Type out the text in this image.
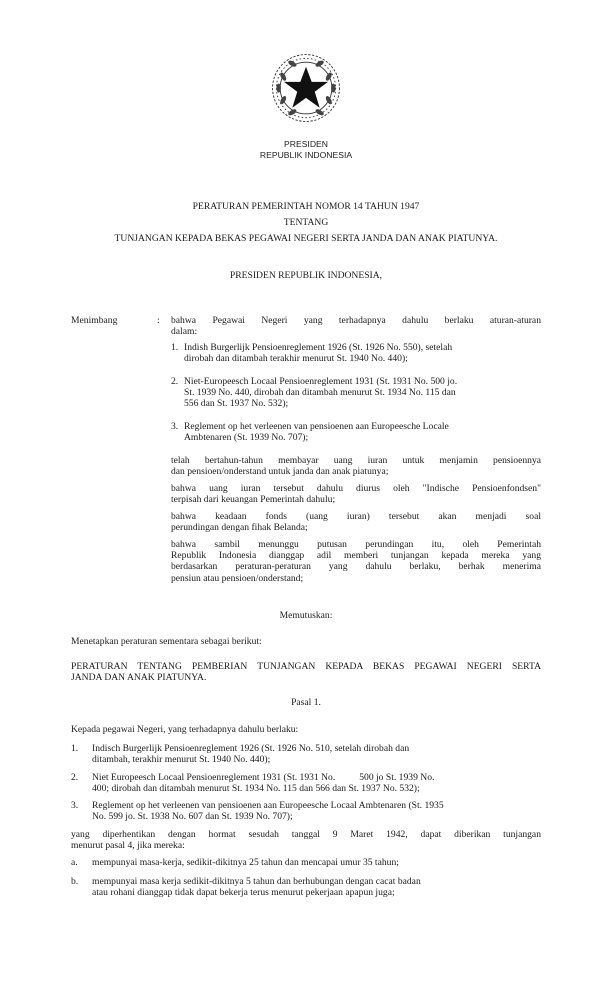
PRESIDEN
REPUBLIK INDONESIA
PERATURAN PEMERINTAH NOMOR 14 TAHUN 1947
TENTANG
TUNJANGAN KEPADA BEKAS PEGAWAI NEGERI SERTA JANDA DAN ANAK PIATUNYA.
PRESIDEN REPUBLIK INDONESIA,
Menimbang	: bahwa Pegawai Negeri yang terhadapnya dahulu berlaku aturan-aturan

dalam:

1. Indish Burgerlijk Pensioenreglement 1926 (St. 1926 No. 550), setelah
dirobah dan ditambah terakhir menurut St. 1940 No. 440);
2. Niet-Europeesch Locaal Pensioenreglement 1931 (St. 1931 No. 500 jo.
St. 1939 No. 440, dirobah dan ditambah menurut St. 1934 No. 115 dan
556 dan St. 1937 No. 532);
3. Reglement op het verleenen van pensioenen aan Europeesche Locale
Ambtenaren (St. 1939 No. 707);

telah bertahun-tahun membayar uang iuran untuk menjamin pensioennya

dan pensioen/onderstand untuk janda dan anak piatunya;

bahwa uang iuran tersebut dahulu diurus oleh "Indische Pensioenfondsen"

terpisah dari keuangan Pemerintah dahulu;

bahwa keadaan fonds (uang iuran) tersebut akan menjadi soal

perundingan dengan fihak Belanda;

bahwa sambil menunggu putusan perundingan itu, oleh Pemerintah

Republik Indonesia dianggap adil memberi tunjangan kepada mereka yang

berdasarkan peraturan-peraturan yang dahulu berlaku, berhak menerima

pensiun atau pensioen/onderstand;

Memutuskan:

Menetapkan peraturan sementara sebagai berikut:

PERATURAN TENTANG PEMBERIAN TUNJANGAN KEPADA BEKAS PEGAWAI NEGERI SERTA

JANDA DAN ANAK PIATUNYA.

Pasal 1.

Kepada pegawai Negeri, yang terhadapnya dahulu berlaku:

1. Indisch Burgerlijk Pensioenreglement 1926 (St. 1926 No. 510, setelah dirobah dan
ditambah, terakhir menurut St. 1940 No. 440);
2. Niet Europeesch Locaal Pensioenreglement 1931 (St. 1931 No.          500 jo St. 1939 No.
400; dirobah dan ditambah menurut St. 1934 No. 115 dan 566 dan St. 1937 No. 532);
3. Reglement op het verleenen van pensioenen aan Europeesche Locaal Ambtenaren (St. 1935
No. 599 jo. St. 1938 No. 607 dan St. 1939 No. 707);

yang diperhentikan dengan hormat sesudah tanggal 9 Maret 1942, dapat diberikan tunjangan

menurut pasal 4, jika mereka:

a. mempunyai masa-kerja, sedikit-dikitnya 25 tahun dan mencapai umur 35 tahun;
b. mempunyai masa kerja sedikit-dikitnya 5 tahun dan berhubungan dengan cacat badan
atau rohani dianggap tidak dapat bekerja terus menurut pekerjaan apapun juga;
